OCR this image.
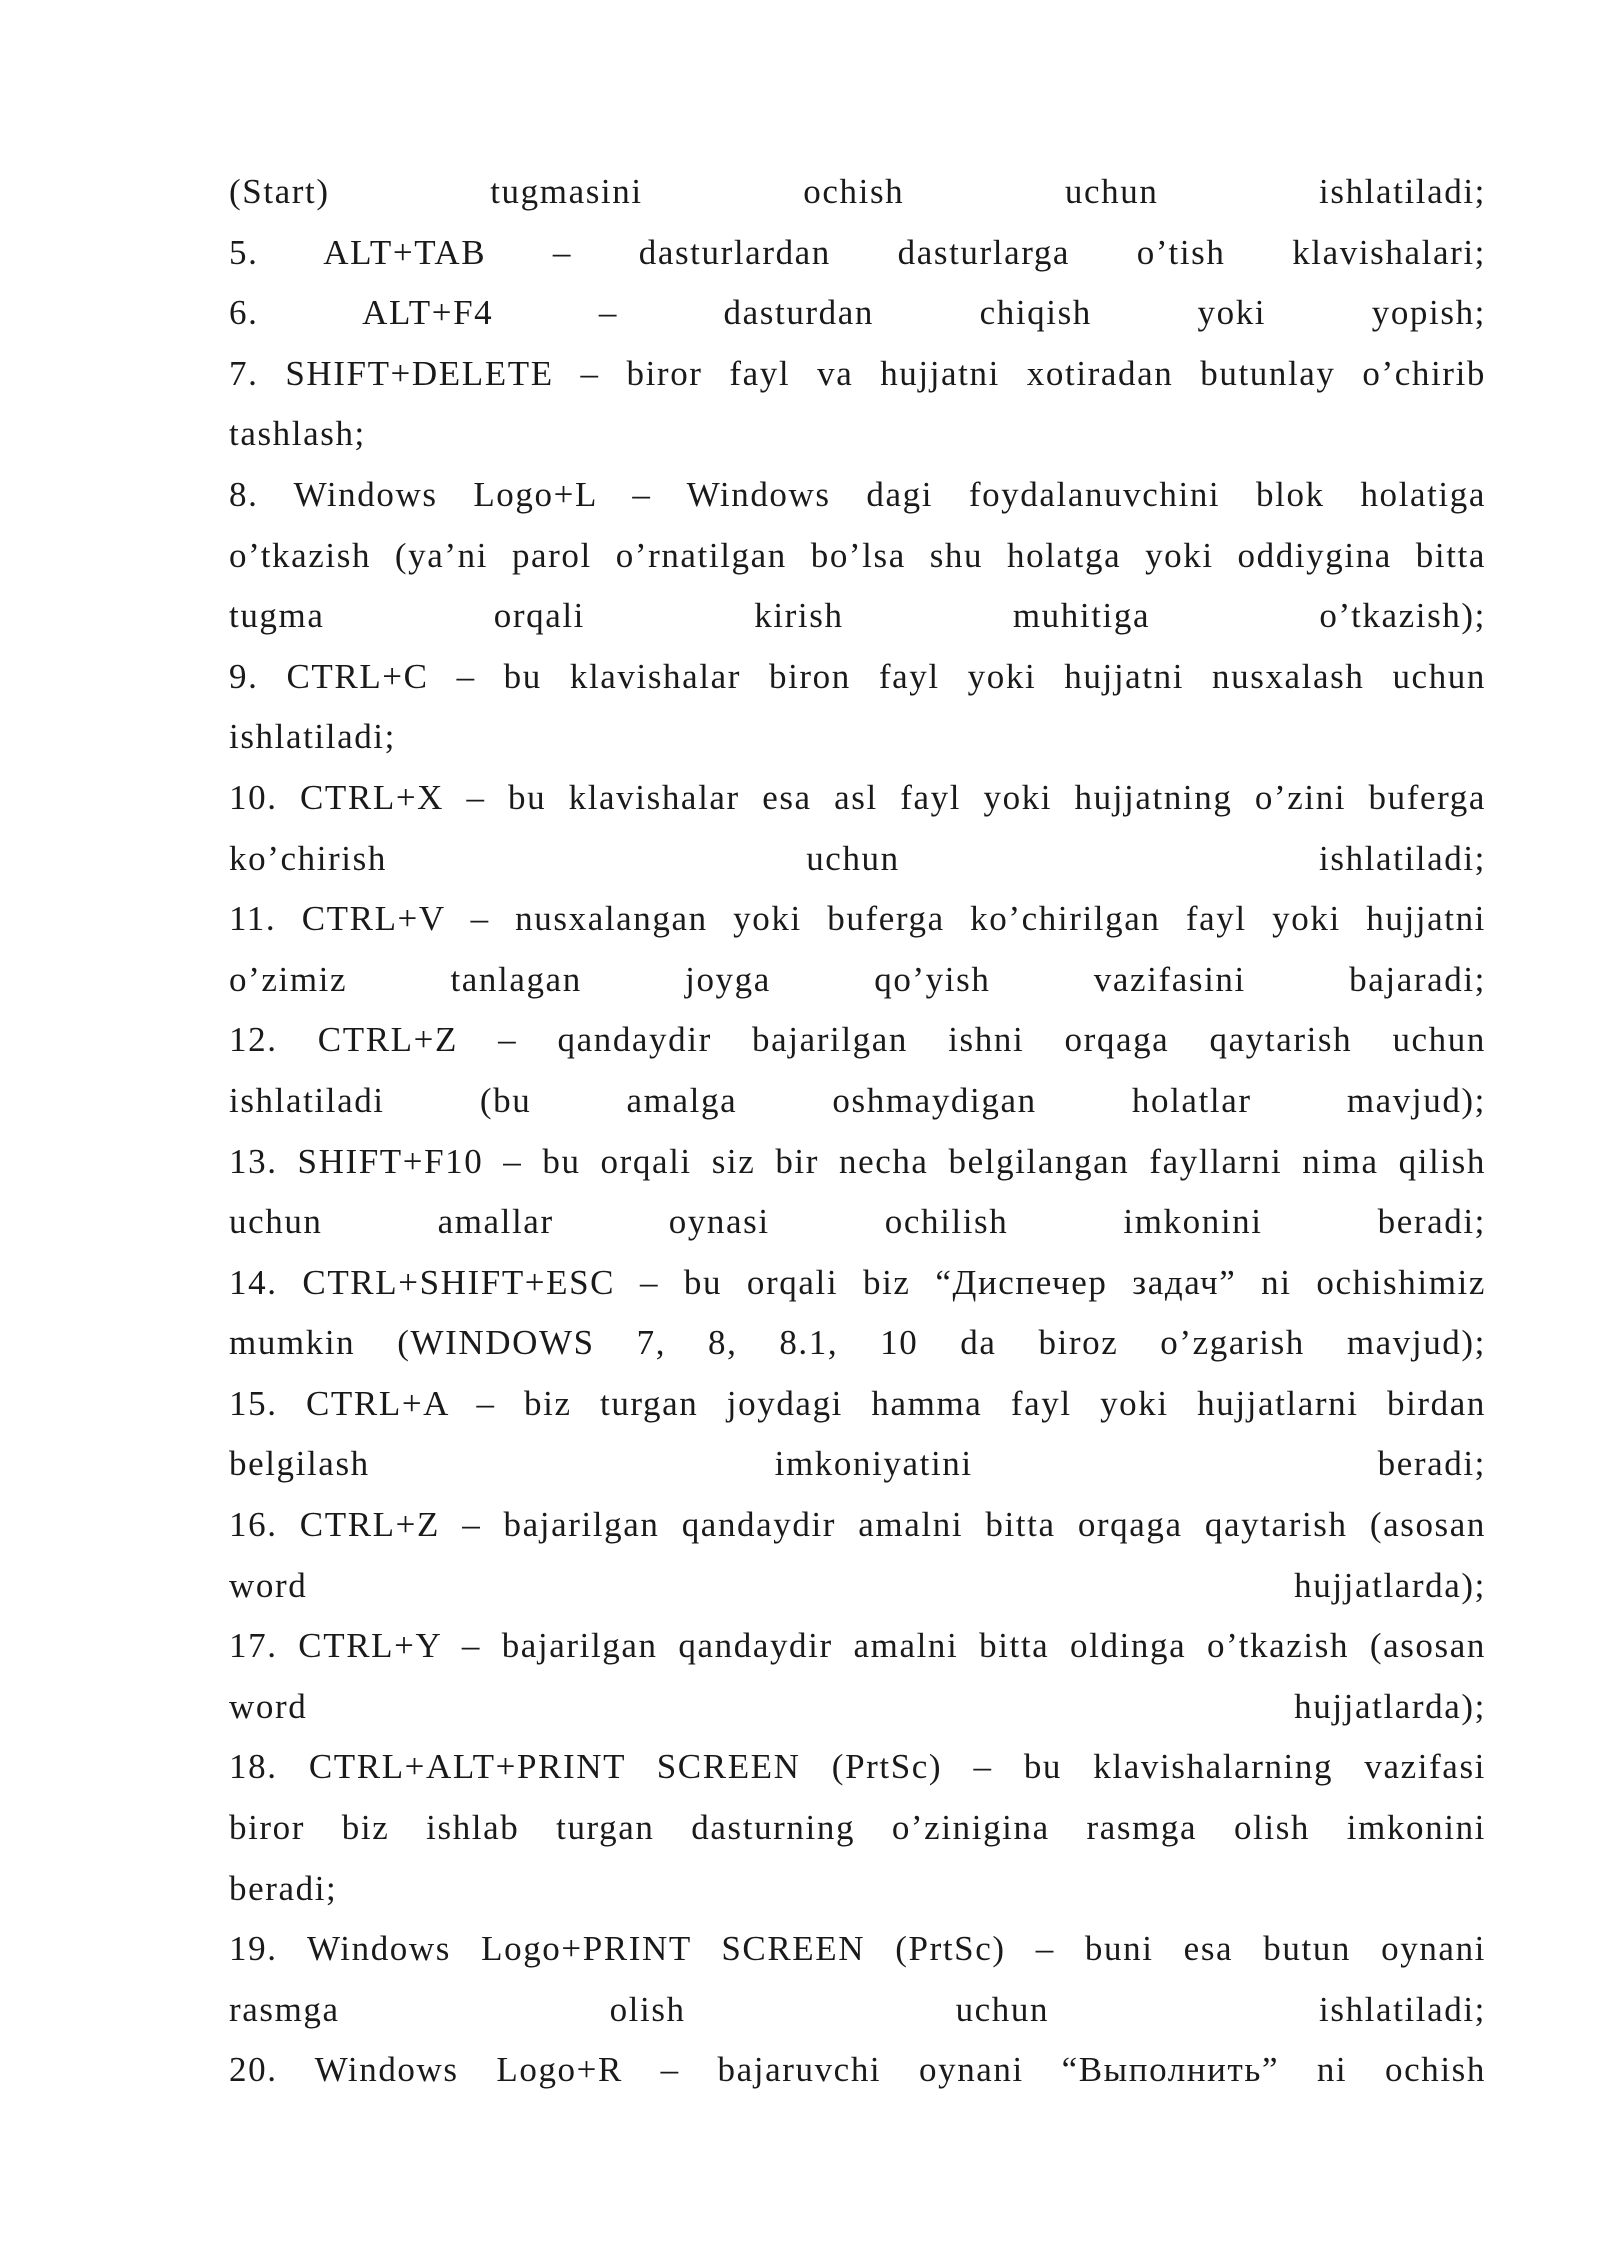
(Start) tugmasini ochish uchun ishlatiladi;
5. ALT+TAB – dasturlardan dasturlarga o’tish klavishalari;
6. ALT+F4 – dasturdan chiqish yoki yopish;
7. SHIFT+DELETE – biror fayl va hujjatni xotiradan butunlay o’chirib
tashlash;
8. Windows Logo+L – Windows dagi foydalanuvchini blok holatiga
o’tkazish (ya’ni parol o’rnatilgan bo’lsa shu holatga yoki oddiygina bitta
tugma orqali kirish muhitiga o’tkazish);
9. CTRL+C – bu klavishalar biron fayl yoki hujjatni nusxalash uchun
ishlatiladi;
10. CTRL+X – bu klavishalar esa asl fayl yoki hujjatning o’zini buferga
ko’chirish uchun ishlatiladi;
11. CTRL+V – nusxalangan yoki buferga ko’chirilgan fayl yoki hujjatni
o’zimiz tanlagan joyga qo’yish vazifasini bajaradi;
12. CTRL+Z – qandaydir bajarilgan ishni orqaga qaytarish uchun
ishlatiladi (bu amalga oshmaydigan holatlar mavjud);
13. SHIFT+F10 – bu orqali siz bir necha belgilangan fayllarni nima qilish
uchun amallar oynasi ochilish imkonini beradi;
14. CTRL+SHIFT+ESC – bu orqali biz “Диспечер задач” ni ochishimiz
mumkin (WINDOWS 7, 8, 8.1, 10 da biroz o’zgarish mavjud);
15. CTRL+A – biz turgan joydagi hamma fayl yoki hujjatlarni birdan
belgilash imkoniyatini beradi;
16. CTRL+Z – bajarilgan qandaydir amalni bitta orqaga qaytarish (asosan
word hujjatlarda);
17. CTRL+Y – bajarilgan qandaydir amalni bitta oldinga o’tkazish (asosan
word hujjatlarda);
18. CTRL+ALT+PRINT SCREEN (PrtSc) – bu klavishalarning vazifasi
biror biz ishlab turgan dasturning o’zinigina rasmga olish imkonini
beradi;
19. Windows Logo+PRINT SCREEN (PrtSc) – buni esa butun oynani
rasmga olish uchun ishlatiladi;
20. Windows Logo+R – bajaruvchi oynani “Выполнить” ni ochish
